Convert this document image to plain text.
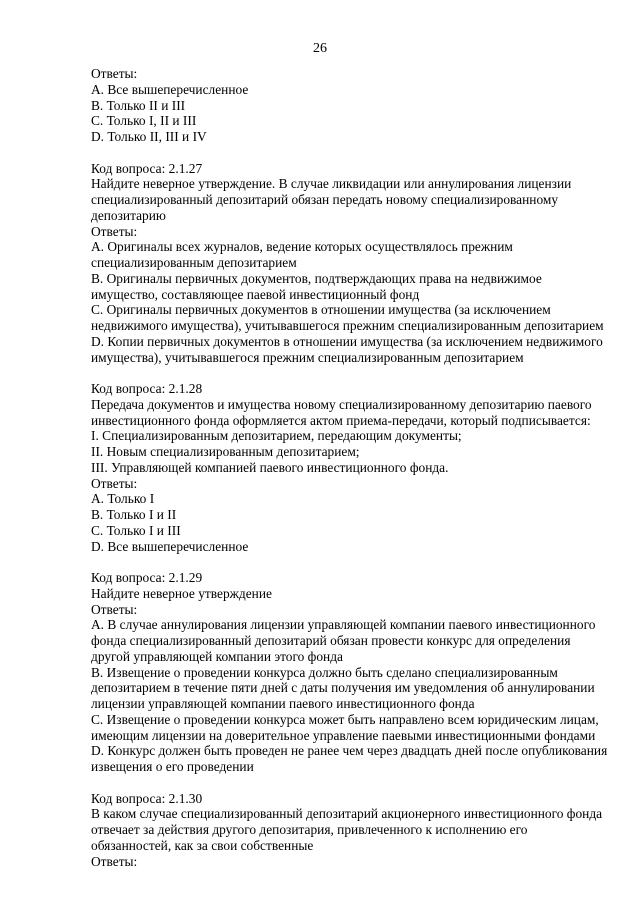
26
Ответы:
A. Все вышеперечисленное
B. Только II и III
C. Только I, II и III
D. Только II, III и IV
Код вопроса: 2.1.27
Найдите неверное утверждение. В случае ликвидации или аннулирования лицензии
специализированный депозитарий обязан передать новому специализированному
депозитарию
Ответы:
A. Оригиналы всех журналов, ведение которых осуществлялось прежним
специализированным депозитарием
B. Оригиналы первичных документов, подтверждающих права на недвижимое
имущество, составляющее паевой инвестиционный фонд
C. Оригиналы первичных документов в отношении имущества (за исключением
недвижимого имущества), учитывавшегося прежним специализированным депозитарием
D. Копии первичных документов в отношении имущества (за исключением недвижимого
имущества), учитывавшегося прежним специализированным депозитарием
Код вопроса: 2.1.28
Передача документов и имущества новому специализированному депозитарию паевого
инвестиционного фонда оформляется актом приема-передачи, который подписывается:
I. Специализированным депозитарием, передающим документы;
II. Новым специализированным депозитарием;
III. Управляющей компанией паевого инвестиционного фонда.
Ответы:
A. Только I
B. Только I и II
C. Только I и III
D. Все вышеперечисленное
Код вопроса: 2.1.29
Найдите неверное утверждение
Ответы:
A. В случае аннулирования лицензии управляющей компании паевого инвестиционного
фонда специализированный депозитарий обязан провести конкурс для определения
другой управляющей компании этого фонда
B. Извещение о проведении конкурса должно быть сделано специализированным
депозитарием в течение пяти дней с даты получения им уведомления об аннулировании
лицензии управляющей компании паевого инвестиционного фонда
C. Извещение о проведении конкурса может быть направлено всем юридическим лицам,
имеющим лицензии на доверительное управление паевыми инвестиционными фондами
D. Конкурс должен быть проведен не ранее чем через двадцать дней после опубликования
извещения о его проведении
Код вопроса: 2.1.30
В каком случае специализированный депозитарий акционерного инвестиционного фонда
отвечает за действия другого депозитария, привлеченного к исполнению его
обязанностей, как за свои собственные
Ответы:
